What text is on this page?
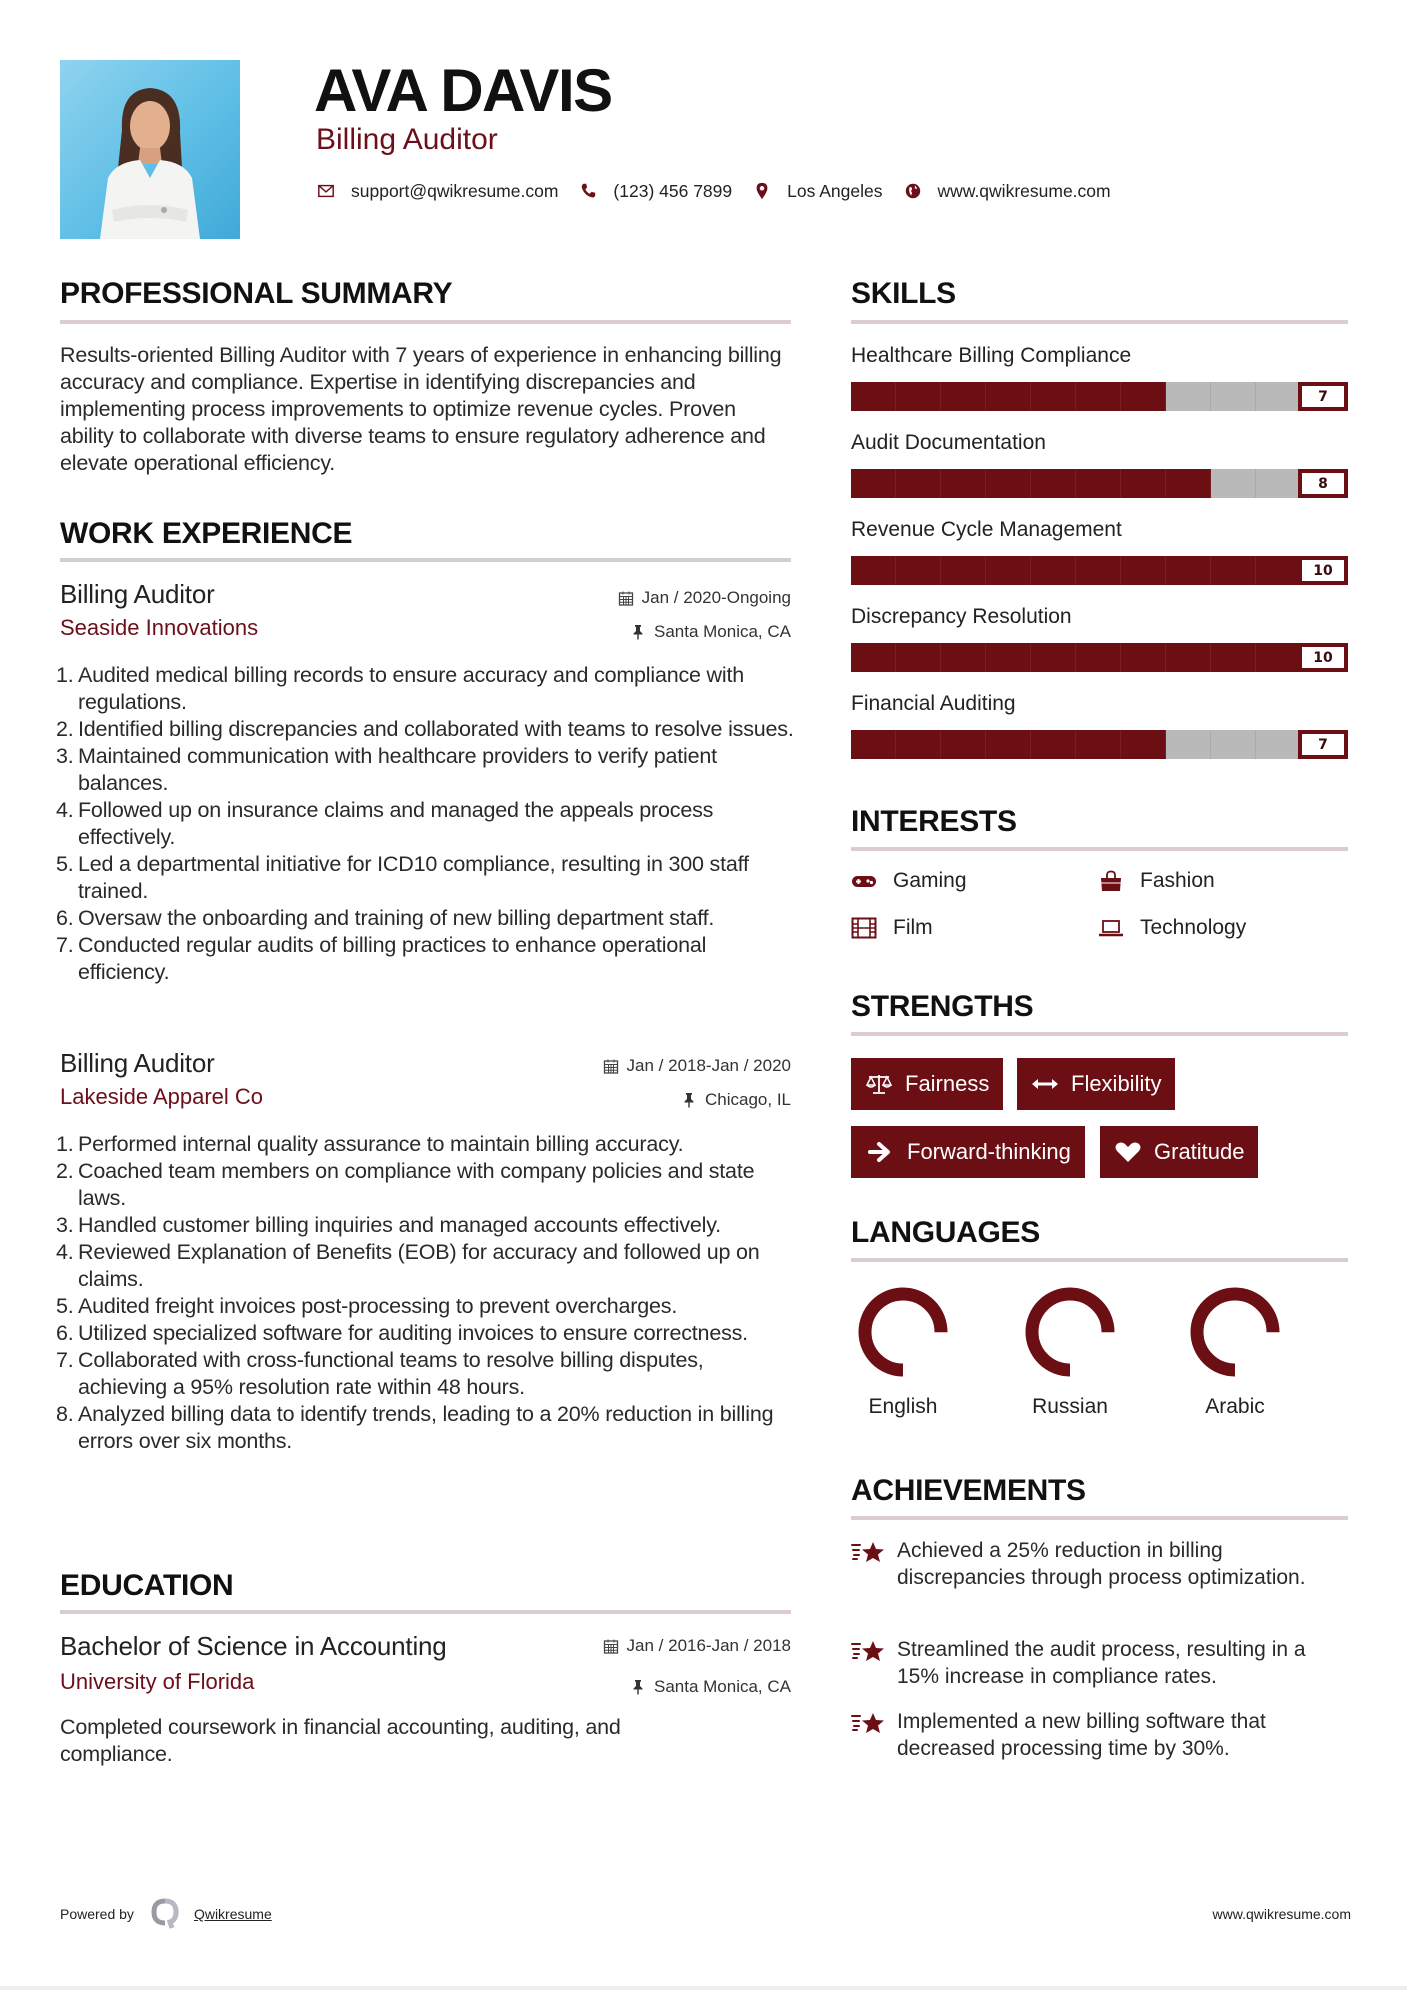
AVA DAVIS
Billing Auditor
support@qwikresume.com	(123) 456 7899	Los Angeles	www.qwikresume.com
PROFESSIONAL SUMMARY
Results-oriented Billing Auditor with 7 years of experience in enhancing billing accuracy and compliance. Expertise in identifying discrepancies and implementing process improvements to optimize revenue cycles. Proven ability to collaborate with diverse teams to ensure regulatory adherence and elevate operational efficiency.
WORK EXPERIENCE
Billing Auditor
Seaside Innovations
Jan / 2020-Ongoing
Santa Monica, CA
1. Audited medical billing records to ensure accuracy and compliance with regulations.
2. Identified billing discrepancies and collaborated with teams to resolve issues.
3. Maintained communication with healthcare providers to verify patient balances.
4. Followed up on insurance claims and managed the appeals process effectively.
5. Led a departmental initiative for ICD10 compliance, resulting in 300 staff trained.
6. Oversaw the onboarding and training of new billing department staff.
7. Conducted regular audits of billing practices to enhance operational efficiency.
Billing Auditor
Lakeside Apparel Co
Jan / 2018-Jan / 2020
Chicago, IL
1. Performed internal quality assurance to maintain billing accuracy.
2. Coached team members on compliance with company policies and state laws.
3. Handled customer billing inquiries and managed accounts effectively.
4. Reviewed Explanation of Benefits (EOB) for accuracy and followed up on claims.
5. Audited freight invoices post-processing to prevent overcharges.
6. Utilized specialized software for auditing invoices to ensure correctness.
7. Collaborated with cross-functional teams to resolve billing disputes, achieving a 95% resolution rate within 48 hours.
8. Analyzed billing data to identify trends, leading to a 20% reduction in billing errors over six months.
EDUCATION
Bachelor of Science in Accounting
University of Florida
Jan / 2016-Jan / 2018
Santa Monica, CA
Completed coursework in financial accounting, auditing, and compliance.
SKILLS
Healthcare Billing Compliance
7
Audit Documentation
8
Revenue Cycle Management
10
Discrepancy Resolution
10
Financial Auditing
7
INTERESTS
Gaming	Fashion
Film	Technology
STRENGTHS
Fairness	Flexibility
Forward-thinking	Gratitude
LANGUAGES
English	Russian	Arabic
ACHIEVEMENTS
Achieved a 25% reduction in billing discrepancies through process optimization.
Streamlined the audit process, resulting in a 15% increase in compliance rates.
Implemented a new billing software that decreased processing time by 30%.
Powered by	Qwikresume	www.qwikresume.com
